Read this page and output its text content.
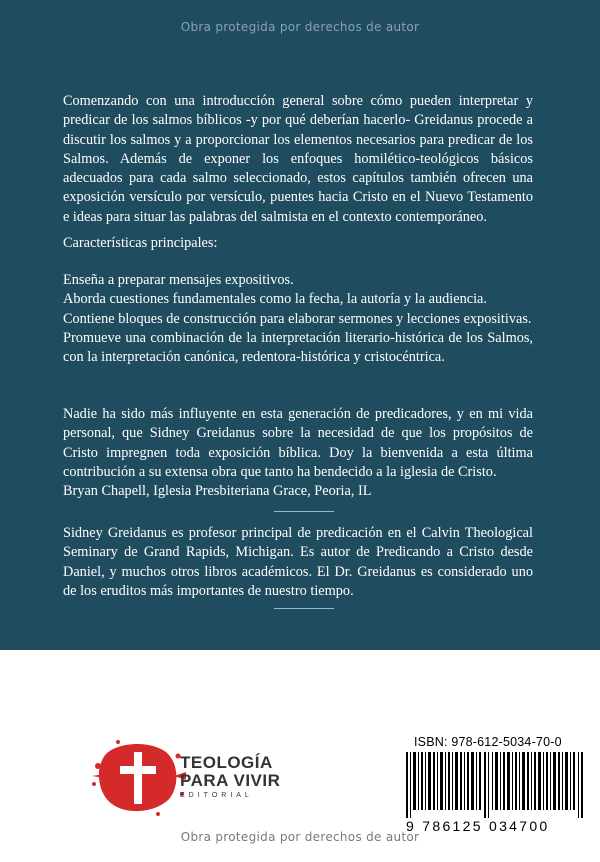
Obra protegida por derechos de autor

Comenzando con una introducción general sobre cómo pueden interpretar y predicar de los salmos bíblicos -y por qué deberían hacerlo- Greidanus procede a discutir los salmos y a proporcionar los elementos necesarios para predicar de los Salmos. Además de exponer los enfoques homilético-teológicos básicos adecuados para cada salmo seleccionado, estos capítulos también ofrecen una exposición versículo por versículo, puentes hacia Cristo en el Nuevo Testamento e ideas para situar las palabras del salmista en el contexto contemporáneo.

Características principales:
Enseña a preparar mensajes expositivos.
Aborda cuestiones fundamentales como la fecha, la autoría y la audiencia.
Contiene bloques de construcción para elaborar sermones y lecciones expositivas.
Promueve una combinación de la interpretación literario-histórica de los Salmos, con la interpretación canónica, redentora-histórica y cristocéntrica.

Nadie ha sido más influyente en esta generación de predicadores, y en mi vida personal, que Sidney Greidanus sobre la necesidad de que los propósitos de Cristo impregnen toda exposición bíblica. Doy la bienvenida a esta última contribución a su extensa obra que tanto ha bendecido a la iglesia de Cristo.

Bryan Chapell, Iglesia Presbiteriana Grace, Peoria, IL

Sidney Greidanus es profesor principal de predicación en el Calvin Theological Seminary de Grand Rapids, Michigan. Es autor de Predicando a Cristo desde Daniel, y muchos otros libros académicos. El Dr. Greidanus es considerado uno de los eruditos más importantes de nuestro tiempo.

TEOLOGÍA
PARA VIVIR
EDITORIAL
ISBN: 978-612-5034-70-0
9 786125 034700
Obra protegida por derechos de autor
